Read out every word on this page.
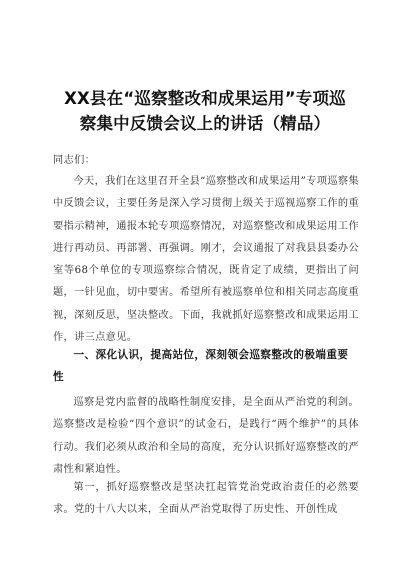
XX县在“巡察整改和成果运用”专项巡
察集中反馈会议上的讲话（精品）
同志们：
今天，我们在这里召开全县“巡察整改和成果运用”专项巡察集中反馈会议，主要任务是深入学习贯彻上级关于巡视巡察工作的重要指示精神，通报本轮专项巡察情况，对巡察整改和成果运用工作进行再动员、再部署、再强调。刚才，会议通报了对我县县委办公室等68个单位的专项巡察综合情况，既肯定了成绩，更指出了问题，一针见血，切中要害。希望所有被巡察单位和相关同志高度重视，深刻反思，坚决整改。下面，我就抓好巡察整改和成果运用工作，讲三点意见。
一、深化认识，提高站位，深刻领会巡察整改的极端重要性
巡察是党内监督的战略性制度安排，是全面从严治党的利剑。巡察整改是检验“四个意识”的试金石，是践行“两个维护”的具体行动。我们必须从政治和全局的高度，充分认识抓好巡察整改的严肃性和紧迫性。
第一，抓好巡察整改是坚决扛起管党治党政治责任的必然要求。党的十八大以来，全面从严治党取得了历史性、开创性成
